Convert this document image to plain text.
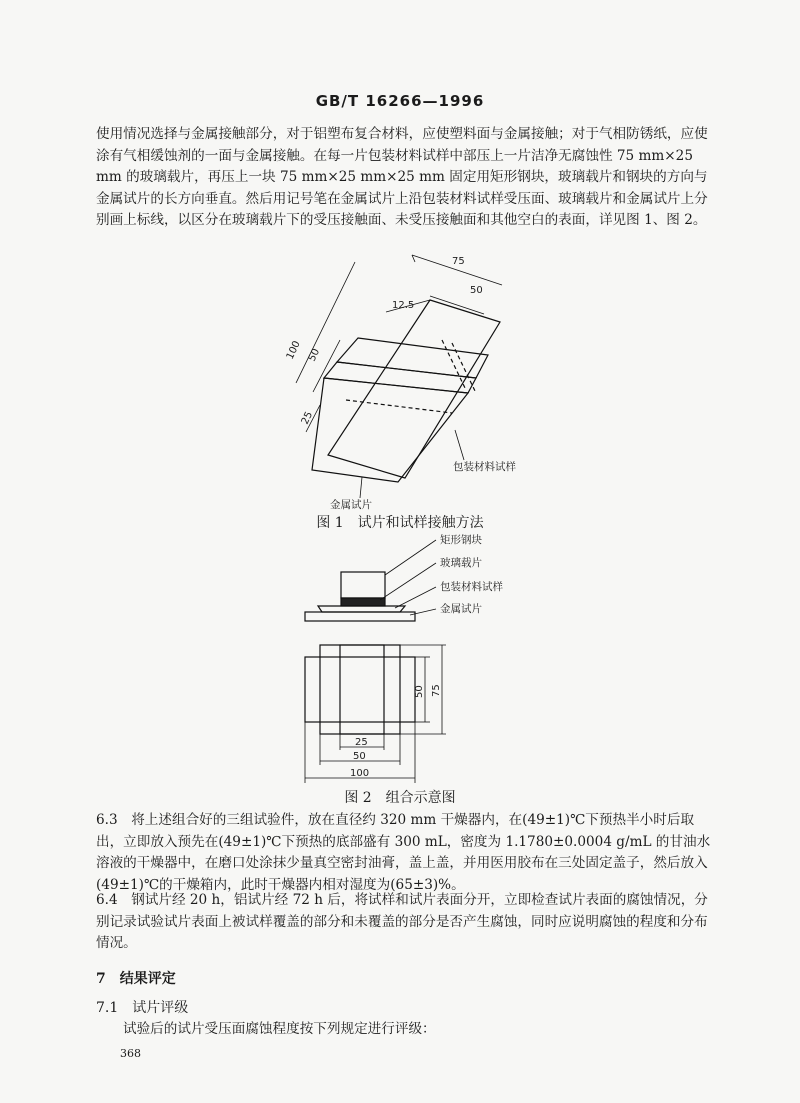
GB/T 16266—1996

使用情况选择与金属接触部分，对于铝塑布复合材料，应使塑料面与金属接触；对于气相防锈纸，应使涂有气相缓蚀剂的一面与金属接触。在每一片包装材料试样中部压上一片洁净无腐蚀性 75 mm×25 mm 的玻璃载片，再压上一块 75 mm×25 mm×25 mm 固定用矩形钢块，玻璃载片和钢块的方向与金属试片的长方向垂直。然后用记号笔在金属试片上沿包装材料试样受压面、玻璃载片和金属试片上分别画上标线，以区分在玻璃载片下的受压接触面、未受压接触面和其他空白的表面，详见图 1、图 2。

75
50
12.5
100 50
25
包装材料试样
金属试片
图 1　试片和试样接触方法
矩形钢块
玻璃载片
包装材料试样
金属试片
50 75
25
50
100
图 2　组合示意图

6.3　将上述组合好的三组试验件，放在直径约 320 mm 干燥器内，在(49±1)℃下预热半小时后取出，立即放入预先在(49±1)℃下预热的底部盛有 300 mL，密度为 1.1780±0.0004 g/mL 的甘油水溶液的干燥器中，在磨口处涂抹少量真空密封油膏，盖上盖，并用医用胶布在三处固定盖子，然后放入(49±1)℃的干燥箱内，此时干燥器内相对湿度为(65±3)%。

6.4　钢试片经 20 h，铝试片经 72 h 后，将试样和试片表面分开，立即检查试片表面的腐蚀情况，分别记录试验试片表面上被试样覆盖的部分和未覆盖的部分是否产生腐蚀，同时应说明腐蚀的程度和分布情况。

7　结果评定
7.1　试片评级
试验后的试片受压面腐蚀程度按下列规定进行评级：
368
